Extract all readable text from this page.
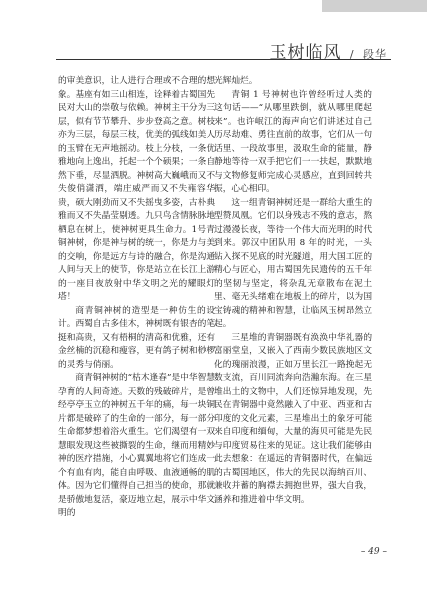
玉树临风 / 段华

的审美意识，让人进行合理或不合理的想象。基座有如三山相连，诠释着古蜀国先民对大山的崇敬与依赖。神树主干分为三层，似有节节攀升、步步登高之意。树枝亦为三层，每层三枝，优美的弧线如美人的玉臂在无声地摇动。枝上分枝，一条优雅地向上逸出，托起一个个硕果；一条自然下垂，尽显洒脱。神树高大巍峨而又不失俊俏潇洒，端庄威严而又不失雍容华贵，硕大刚劲而又不失摇曳多姿，古朴典雅而又不失晶莹剔透。九只鸟含情脉脉地栖息在树上，使神树更具生命力。1号青铜神树，你是神与树的统一，你是力与美的交响，你是远方与诗的融合，你是沟通人间与天上的使节，你是站立在长江上游的一座目夜放射中华文明之光的耀眼灯塔！

商青铜神树的造型是一种仿生的设计。西蜀自古多佳木，神树既有银杏的笔挺和高贵，又有梧桐的清高和优雅，还有金丝楠的沉稳和瘦容，更有鸽子树和桫椤的灵秀与俏丽。

商青铜神树的“枯木逢春”是中华智慧孕育的人间奇迹。天数的残破碎片，是曾经亭亭玉立的神树五千年的痛，每一块铜片都是破碎了的生命的一部分，每一部分生命都梦想着浴火重生。它们渴望有一双慧眼发现这些被撕裂的生命，继而用精妙神的医疗措施，小心翼翼地将它们连成一个有血有肉，能自由呼吸、血液通畅的肌体。因为它们懂得自己担当的使命，那就是骄傲地复活，豪迈地立起，展示中华文明的

光辉灿烂。

青铜 1 号神树也许曾经听过人类的这句话——“从哪里跌倒，就从哪里爬起来”。也许岷江的海声向它们讲述过自己历尽劫难、勇往直前的故事，它们从一句话里、一段故事里，汲取生命的能量，静静地等待一双手把它们一一扶起，默默地与文物修复师完成心灵感应，直到回转共振，心心相印。

这一组青铜神树还是一群给大重生的型赞凤凰。它们以身残志不残的意志，熬过漫漫长夜，等待一个伟大而光明的时代到来。郭汉中团队用 8 年的时光，一头钻入探不见底的时光隧道，用大国工匠的精心与匠心，用古蜀国先民遗传的五千年的坚韧与坚定，将杂乱无章散布在泥土里、毫无头绪难在地板上的碎片，以为国宝铸魂的精神和智慧，让临风玉树昂然立起。

三星堆的青铜器既有涣涣中华礼器的富丽堂皇，又嵌入了西南少数民族地区文化的瑰丽浪漫，正如万里长江一路挽起无数支流，百川同流奔向浩瀚东海。在三星堆出土的文物中，人们还惊异地发现，先民在青铜器中竟然融入了中亚、西亚和古印度的文化元素，三星堆出土的象牙可能来自印度和缅甸，大量的海贝可能是先民与印度贸易往来的见证。这让我们能够由此去想象：在遥远的青铜器时代，在偏远的古蜀国地区，伟大的先民以海纳百川、兼收并蓄的胸襟去拥抱世界，强大自我，涵养和推进着中华文明。

– 49 –
